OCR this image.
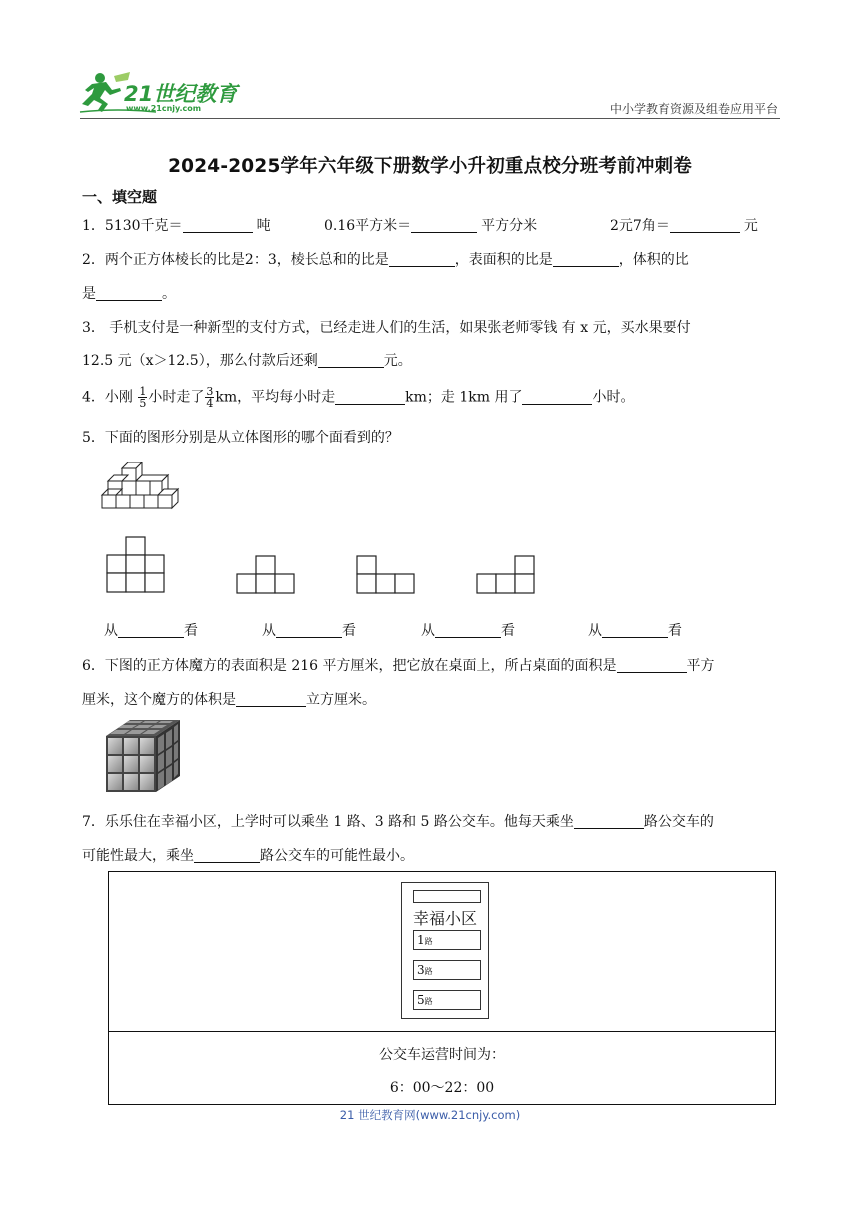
21世纪教育
www.21cnjy.com	中小学教育资源及组卷应用平台
2024-2025学年六年级下册数学小升初重点校分班考前冲刺卷
一、填空题
1．5130千克＝	吨	0.16平方米＝	平方分米	2元7角＝	元
2．两个正方体棱长的比是2：3，棱长总和的比是	，表面积的比是	，体积的比
是	。
3． 手机支付是一种新型的支付方式，已经走进人们的生活，如果张老师零钱 有 x 元，买水果要付
12.5 元（x＞12.5），那么付款后还剩	元。
4．小刚 $\frac{1}{5}$ 小时走了 $\frac{3}{4}$ km，平均每小时走	km；走 1km 用了	小时。
5．下面的图形分别是从立体图形的哪个面看到的？
从	看	从	看	从	看	从	看
6．下图的正方体魔方的表面积是 216 平方厘米，把它放在桌面上，所占桌面的面积是	平方
厘米，这个魔方的体积是	立方厘米。
7．乐乐住在幸福小区，上学时可以乘坐 1 路、3 路和 5 路公交车。他每天乘坐	路公交车的
可能性最大，乘坐	路公交车的可能性最小。
幸福小区
1路
3路
5路
公交车运营时间为：
6：00～22：00
21 世纪教育网(www.21cnjy.com)
